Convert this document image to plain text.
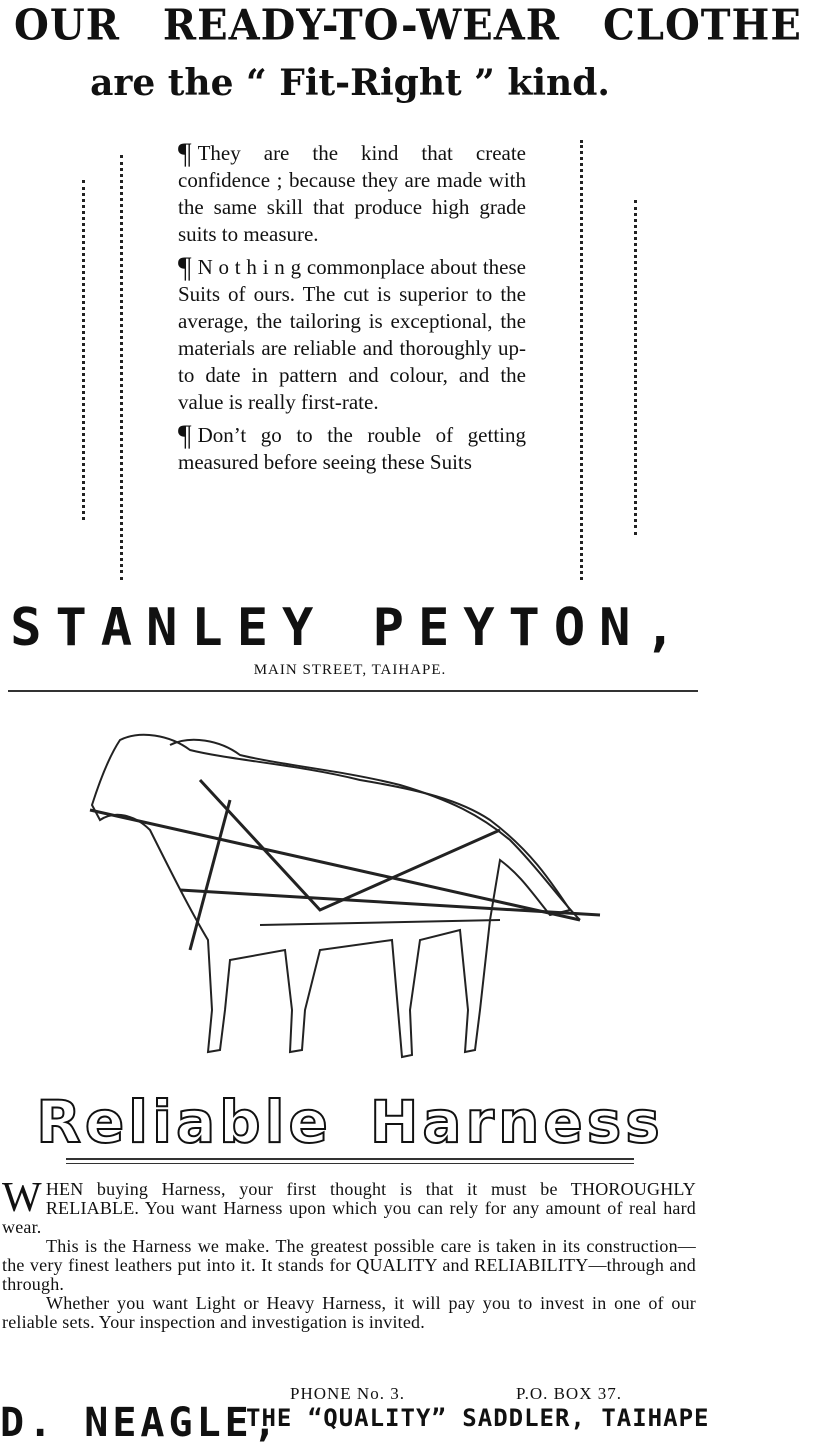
OUR READY-TO-WEAR CLOTHE
are the “ Fit-Right ” kind.

¶ They are the kind that create confidence ; because they are made with the same skill that produce high grade suits to measure.

¶ N o t h i n g commonplace about these Suits of ours. The cut is superior to the average, the tailoring is exceptional, the materials are reliable and thoroughly up-to date in pattern and colour, and the value is really first-rate.

¶ Don’t go to the rouble of getting measured before seeing these Suits

STANLEY PEYTON,
MAIN STREET, TAIHAPE.
Reliable Harness

WHEN buying Harness, your first thought is that it must be THOROUGHLY RELIABLE. You want Harness upon which you can rely for any amount of real hard wear.

This is the Harness we make. The greatest possible care is taken in its construction—the very finest leathers put into it. It stands for QUALITY and RELIABILITY—through and through.

Whether you want Light or Heavy Harness, it will pay you to invest in one of our reliable sets. Your inspection and investigation is invited.

PHONE No. 3.	P.O. BOX 37.
D. NEAGLE,
THE “QUALITY” SADDLER, TAIHAPE
